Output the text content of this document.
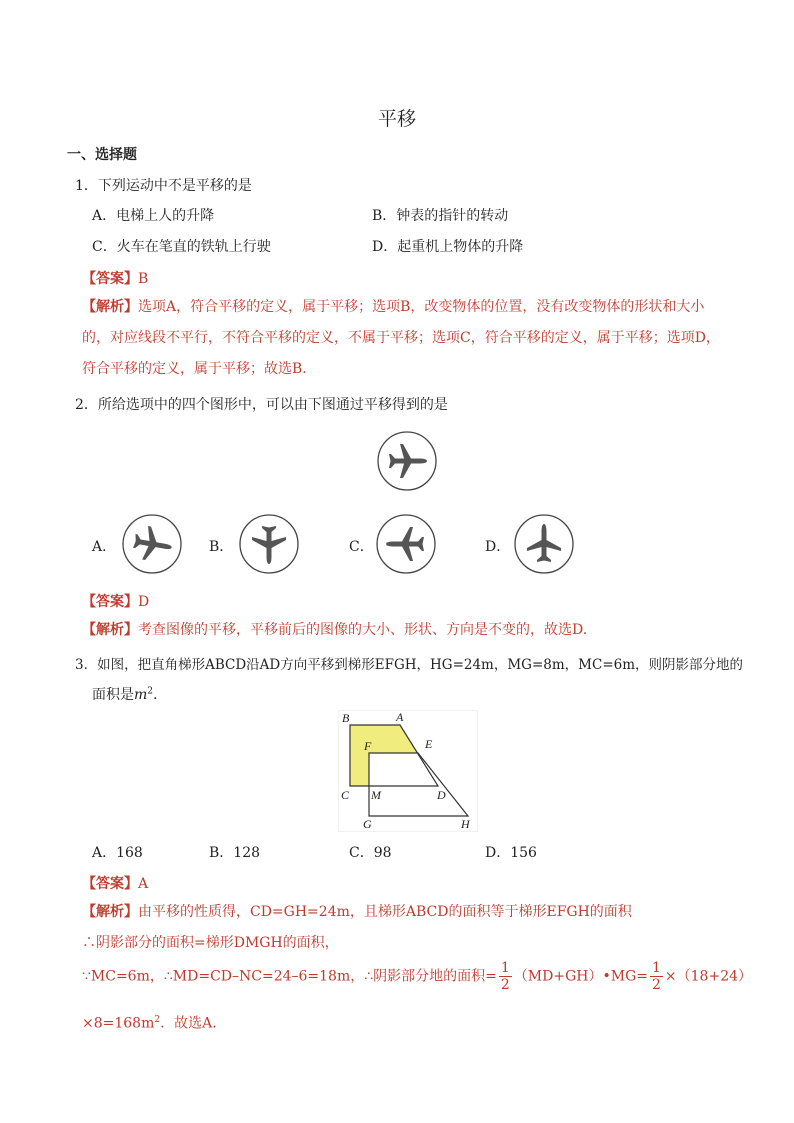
平移
一、选择题
1．下列运动中不是平移的是
A．电梯上人的升降	B．钟表的指针的转动
C．火车在笔直的铁轨上行驶	D．起重机上物体的升降
【答案】B
【解析】选项A，符合平移的定义，属于平移；选项B，改变物体的位置，没有改变物体的形状和大小
的，对应线段不平行，不符合平移的定义，不属于平移；选项C，符合平移的定义，属于平移；选项D，
符合平移的定义，属于平移；故选B．
2．所给选项中的四个图形中，可以由下图通过平移得到的是
A．	B．	C．	D．
【答案】D
【解析】考查图像的平移，平移前后的图像的大小、形状、方向是不变的，故选D.
3．如图，把直角梯形ABCD沿AD方向平移到梯形EFGH，HG=24m，MG=8m，MC=6m，则阴影部分地的
面积是$m^2$.
B	A
F	E
C M	D
G	H
A．168	B．128	C．98	D．156
【答案】A
【解析】由平移的性质得，CD=GH=24m，且梯形ABCD的面积等于梯形EFGH的面积
∴阴影部分的面积=梯形DMGH的面积，
∵MC=6m，∴MD=CD–NC=24–6=18m，∴阴影部分地的面积= $\frac{1}{2}$ （MD+GH）•MG= $\frac{1}{2} \times(18+24)$
$\times 8=168m^2$．故选A．
